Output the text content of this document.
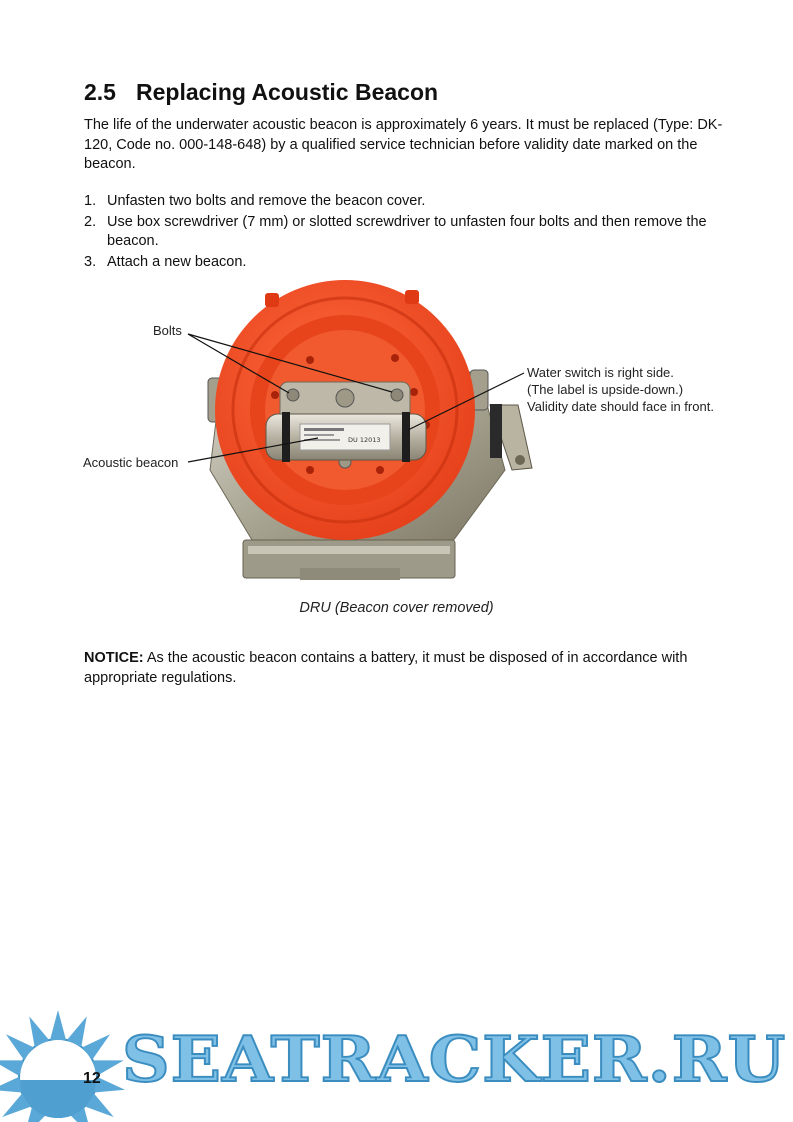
2.5 Replacing Acoustic Beacon

The life of the underwater acoustic beacon is approximately 6 years. It must be replaced (Type: DK-120, Code no. 000-148-648) by a qualified service technician before validity date marked on the beacon.

1. Unfasten two bolts and remove the beacon cover.
2. Use box screwdriver (7 mm) or slotted screwdriver to unfasten four bolts and then remove the beacon.
3. Attach a new beacon.
DU 12013
Bolts
Acoustic beacon
Water switch is right side.
(The label is upside-down.)
Validity date should face in front.
DRU (Beacon cover removed)

NOTICE: As the acoustic beacon contains a battery, it must be disposed of in accordance with appropriate regulations.

12 SEATRACKER.RU
